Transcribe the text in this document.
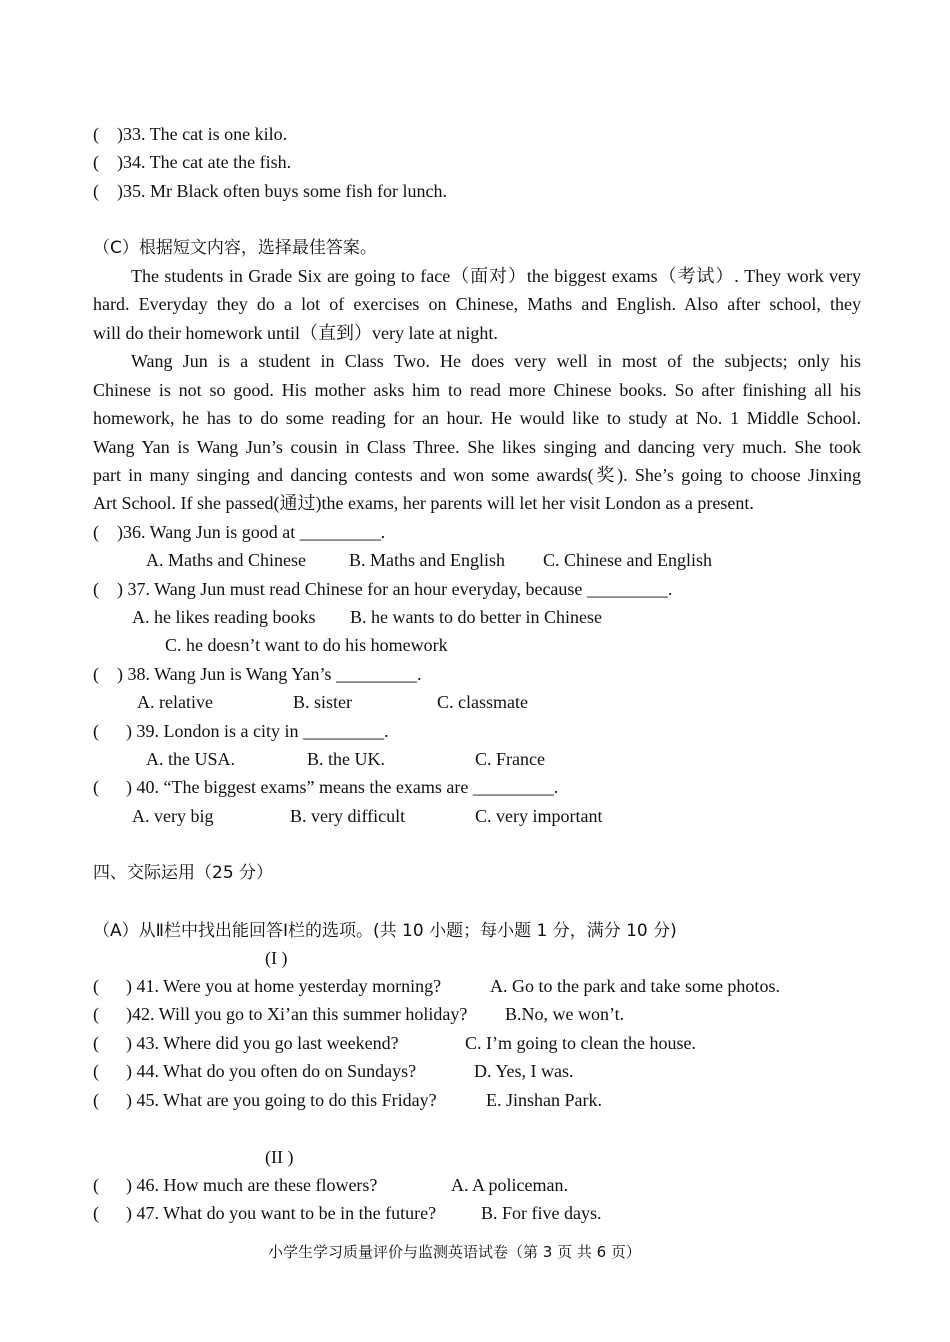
(    )33. The cat is one kilo.
(    )34. The cat ate the fish.
(    )35. Mr Black often buys some fish for lunch.
（C）根据短文内容，选择最佳答案。
The students in Grade Six are going to face（面对）the biggest exams（考试）. They work very
hard. Everyday they do a lot of exercises on Chinese, Maths and English. Also after school, they
will do their homework until（直到）very late at night.
Wang Jun is a student in Class Two. He does very well in most of the subjects; only his
Chinese is not so good. His mother asks him to read more Chinese books. So after finishing all his
homework, he has to do some reading for an hour. He would like to study at No. 1 Middle School.
Wang Yan is Wang Jun’s cousin in Class Three. She likes singing and dancing very much. She took
part in many singing and dancing contests and won some awards(奖). She’s going to choose Jinxing
Art School. If she passed(通过)the exams, her parents will let her visit London as a present.
(    )36. Wang Jun is good at _________.
A. Maths and Chinese B. Maths and English C. Chinese and English
(    ) 37. Wang Jun must read Chinese for an hour everyday, because _________.
A. he likes reading books B. he wants to do better in Chinese
C. he doesn’t want to do his homework
(    ) 38. Wang Jun is Wang Yan’s _________.
A. relative	B. sister	C. classmate
(      ) 39. London is a city in _________.
A. the USA.	B. the UK.	C. France
(      ) 40. “The biggest exams” means the exams are _________.
A. very big	B. very difficult	C. very important
四、交际运用（25 分）
（A）从Ⅱ栏中找出能回答Ⅰ栏的选项。(共 10 小题；每小题 1 分，满分 10 分)
(I )
(      ) 41. Were you at home yesterday morning?	A. Go to the park and take some photos.
(      )42. Will you go to Xi’an this summer holiday? B.No, we won’t.
(      ) 43. Where did you go last weekend?	C. I’m going to clean the house.
(      ) 44. What do you often do on Sundays?	D. Yes, I was.
(      ) 45. What are you going to do this Friday?	E. Jinshan Park.
(II )
(      ) 46. How much are these flowers?	A. A policeman.
(      ) 47. What do you want to be in the future? B. For five days.
小学生学习质量评价与监测英语试卷（第 3 页 共 6 页）
